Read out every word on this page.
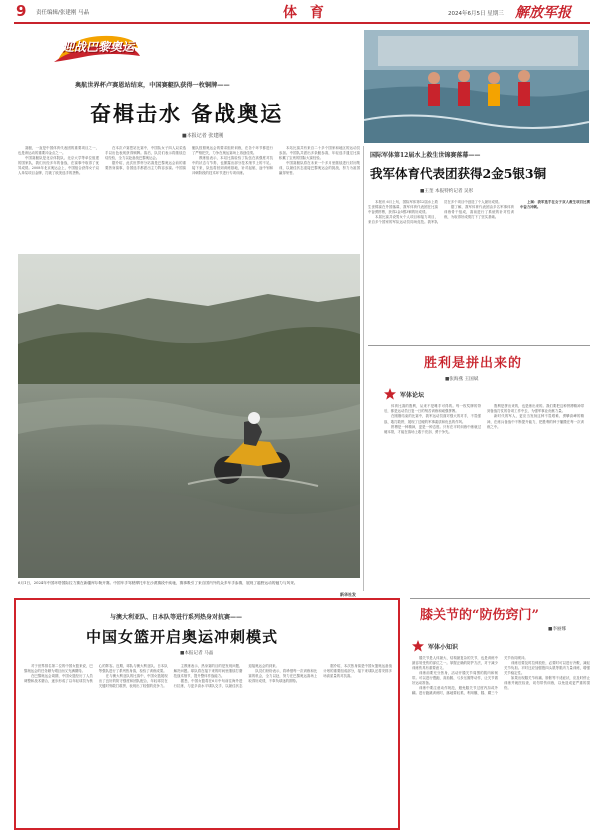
9 责任编辑/张建刚 马晶	体 育	2024年6月5日 星期三 解放军报
迎战巴黎奥运
奥航世界杯卢赛恩站结束，中国赛艇队获得一枚铜牌——
奋楫击水 备战奥运
■本报记者 张建刚

赛艇，一直是中国体育代表团的重要项目之一，也是该运动的重要冲金点之一。

中国赛艇队是北京体院队、北京大学等单位组建的国家队，我们历经多年的备战，在赛事中取得了优异成绩。2008年北京奥运会上，中国组合获得女子双人单桨项目金牌，打破了欧美选手的垄断。

在本次卢赛恩站比赛中，中国队女子四人双桨选手以出色表现获得铜牌。赛后，队员们表示将继续总结经验，全力以赴备战巴黎奥运会。

据介绍，此次世界杯分站赛是巴黎奥运会前的重要热身赛事，各国选手都派出主力阵容参赛。中国赛艇队按照奥运会的要求组织训练，在各个环节都进行了严格把关，力争在奥运赛场上再创佳绩。

教练组表示，本站比赛检验了队伍在高强度对抗中的状态与节奏，也暴露出部分技术细节上的不足。接下来，队伍将回到训练基地，针对起航、途中划和冲刺阶段的技术环节进行专项训练。

本站比赛共有来自二十多个国家和地区的运动员参加。中国队共派出多条艇参赛，年轻选手通过比赛积累了宝贵的国际大赛经验。

中国赛艇队将在未来一个多月里继续进行封闭集训，以最佳状态迎接巴黎奥运会的挑战，努力为祖国赢得荣誉。

6月1日，2024年中国环塔国际拉力赛在新疆库尔勒开赛。中国车手驾驶摩托车在沙漠赛段中疾驰，赛事吸引了来自国内外的众多车手参赛，展现了越野运动的魅力与风采。
新华社发
国际军体第12届水上救生世锦赛落幕——
我军体育代表团获得2金5银3铜
■王奎 本报特约记者 吴彤

本报讯 6月上旬，国际军体第12届水上救生世锦赛在外国落幕，我军体育代表团在比赛中奋勇拼搏，获得2金5银3铜的好成绩。

本届比赛共设男女个人项目和接力项目，来自多个国家的军队运动员同场竞技。我军队员在多个项目中创造了个人最好成绩。

据了解，我军体育代表团由多名军事体育训练骨干组成，赛前进行了系统的针对性训练，为取得好成绩打下了坚实基础。

上图：我军选手在女子双人救生项目比赛中奋力冲刺。

胜利是拼出来的
■张海燕 王国斌
军体论坛

体育比赛的胜利，从来不是唾手可得的。每一枚奖牌的背后，都是运动员日复一日的刻苦训练和顽强拼搏。

在刚刚结束的比赛中，我军运动员面对强大的对手，不畏强敌、敢打敢拼，展现了过硬的军事素质和优良的作风。

拼搏是一种精神，更是一种态度。只有在平时训练中练就过硬本领，才能在赛场上敢于亮剑、勇于争先。

胜利是拼出来的，也是练出来的。我们要把这种拼搏精神带到备战打仗的各项工作中去，为强军事业贡献力量。

新时代的军人，更应当发扬这种不畏艰难、勇攀高峰的精神，在练兵备战中不断提升能力，把胜利的种子播撒在每一次训练之中。

与澳大利亚队、日本队等进行系列热身对抗赛——
中国女篮开启奥运冲刺模式
■本报记者 马晶

对于世界排名第二位的中国女篮来说，巴黎奥运会的任务颇为艰巨而又充满期待。

在巴黎奥运会周期，中国女篮经历了人员调整和战术磨合，逐步形成了以年轻球员为核心的阵容。近期，球队与澳大利亚队、日本队等强队进行了系列热身赛，检验了训练成果。

在与澳大利亚队的比赛中，中国女篮展现出了良好的防守强度和团队配合，年轻球员在关键时刻敢打敢拼，表现出了较强的竞争力。

主教练表示，热身赛的目的是发现问题、解决问题。球队将在接下来的时间里继续打磨技战术细节，提升整体作战能力。

据悉，中国女篮将在6月中旬前往海外进行拉练，与更多高水平球队交手，以最佳状态迎接奥运会的到来。

队员们纷纷表示，将珍惜每一次训练和比赛的机会，全力以赴，努力在巴黎奥运赛场上取得好成绩，不辜负球迷的期待。

据介绍，本次热身赛是中国女篮奥运备战计划的重要组成部分，接下来球队还将安排多场高质量的对抗赛。

膝关节的“防伤窍门”
■李丽娜
军体小知识

膝关节是人体最大、结构最复杂的关节，也是训练中最容易受伤的部位之一。掌握正确的防护方法，对于减少训练伤具有重要意义。

训练前要充分热身，活动开膝关节周围的肌肉和韧带。可以进行慢跑、高抬腿、弓步压腿等动作，让关节做好运动准备。

训练中要注意动作规范，避免膝关节过度内扣或外翻。进行跑跳训练时，落地要轻柔，利用髋、膝、踝三个关节协同缓冲。

训练后要及时拉伸放松，必要时可以进行冷敷，减轻关节负担。平时还应加强股四头肌等肌肉力量训练，增强关节稳定性。

如果出现膝关节疼痛、肿胀等不适症状，应及时停止训练并就医检查，切勿带伤训练，以免造成更严重的损伤。
